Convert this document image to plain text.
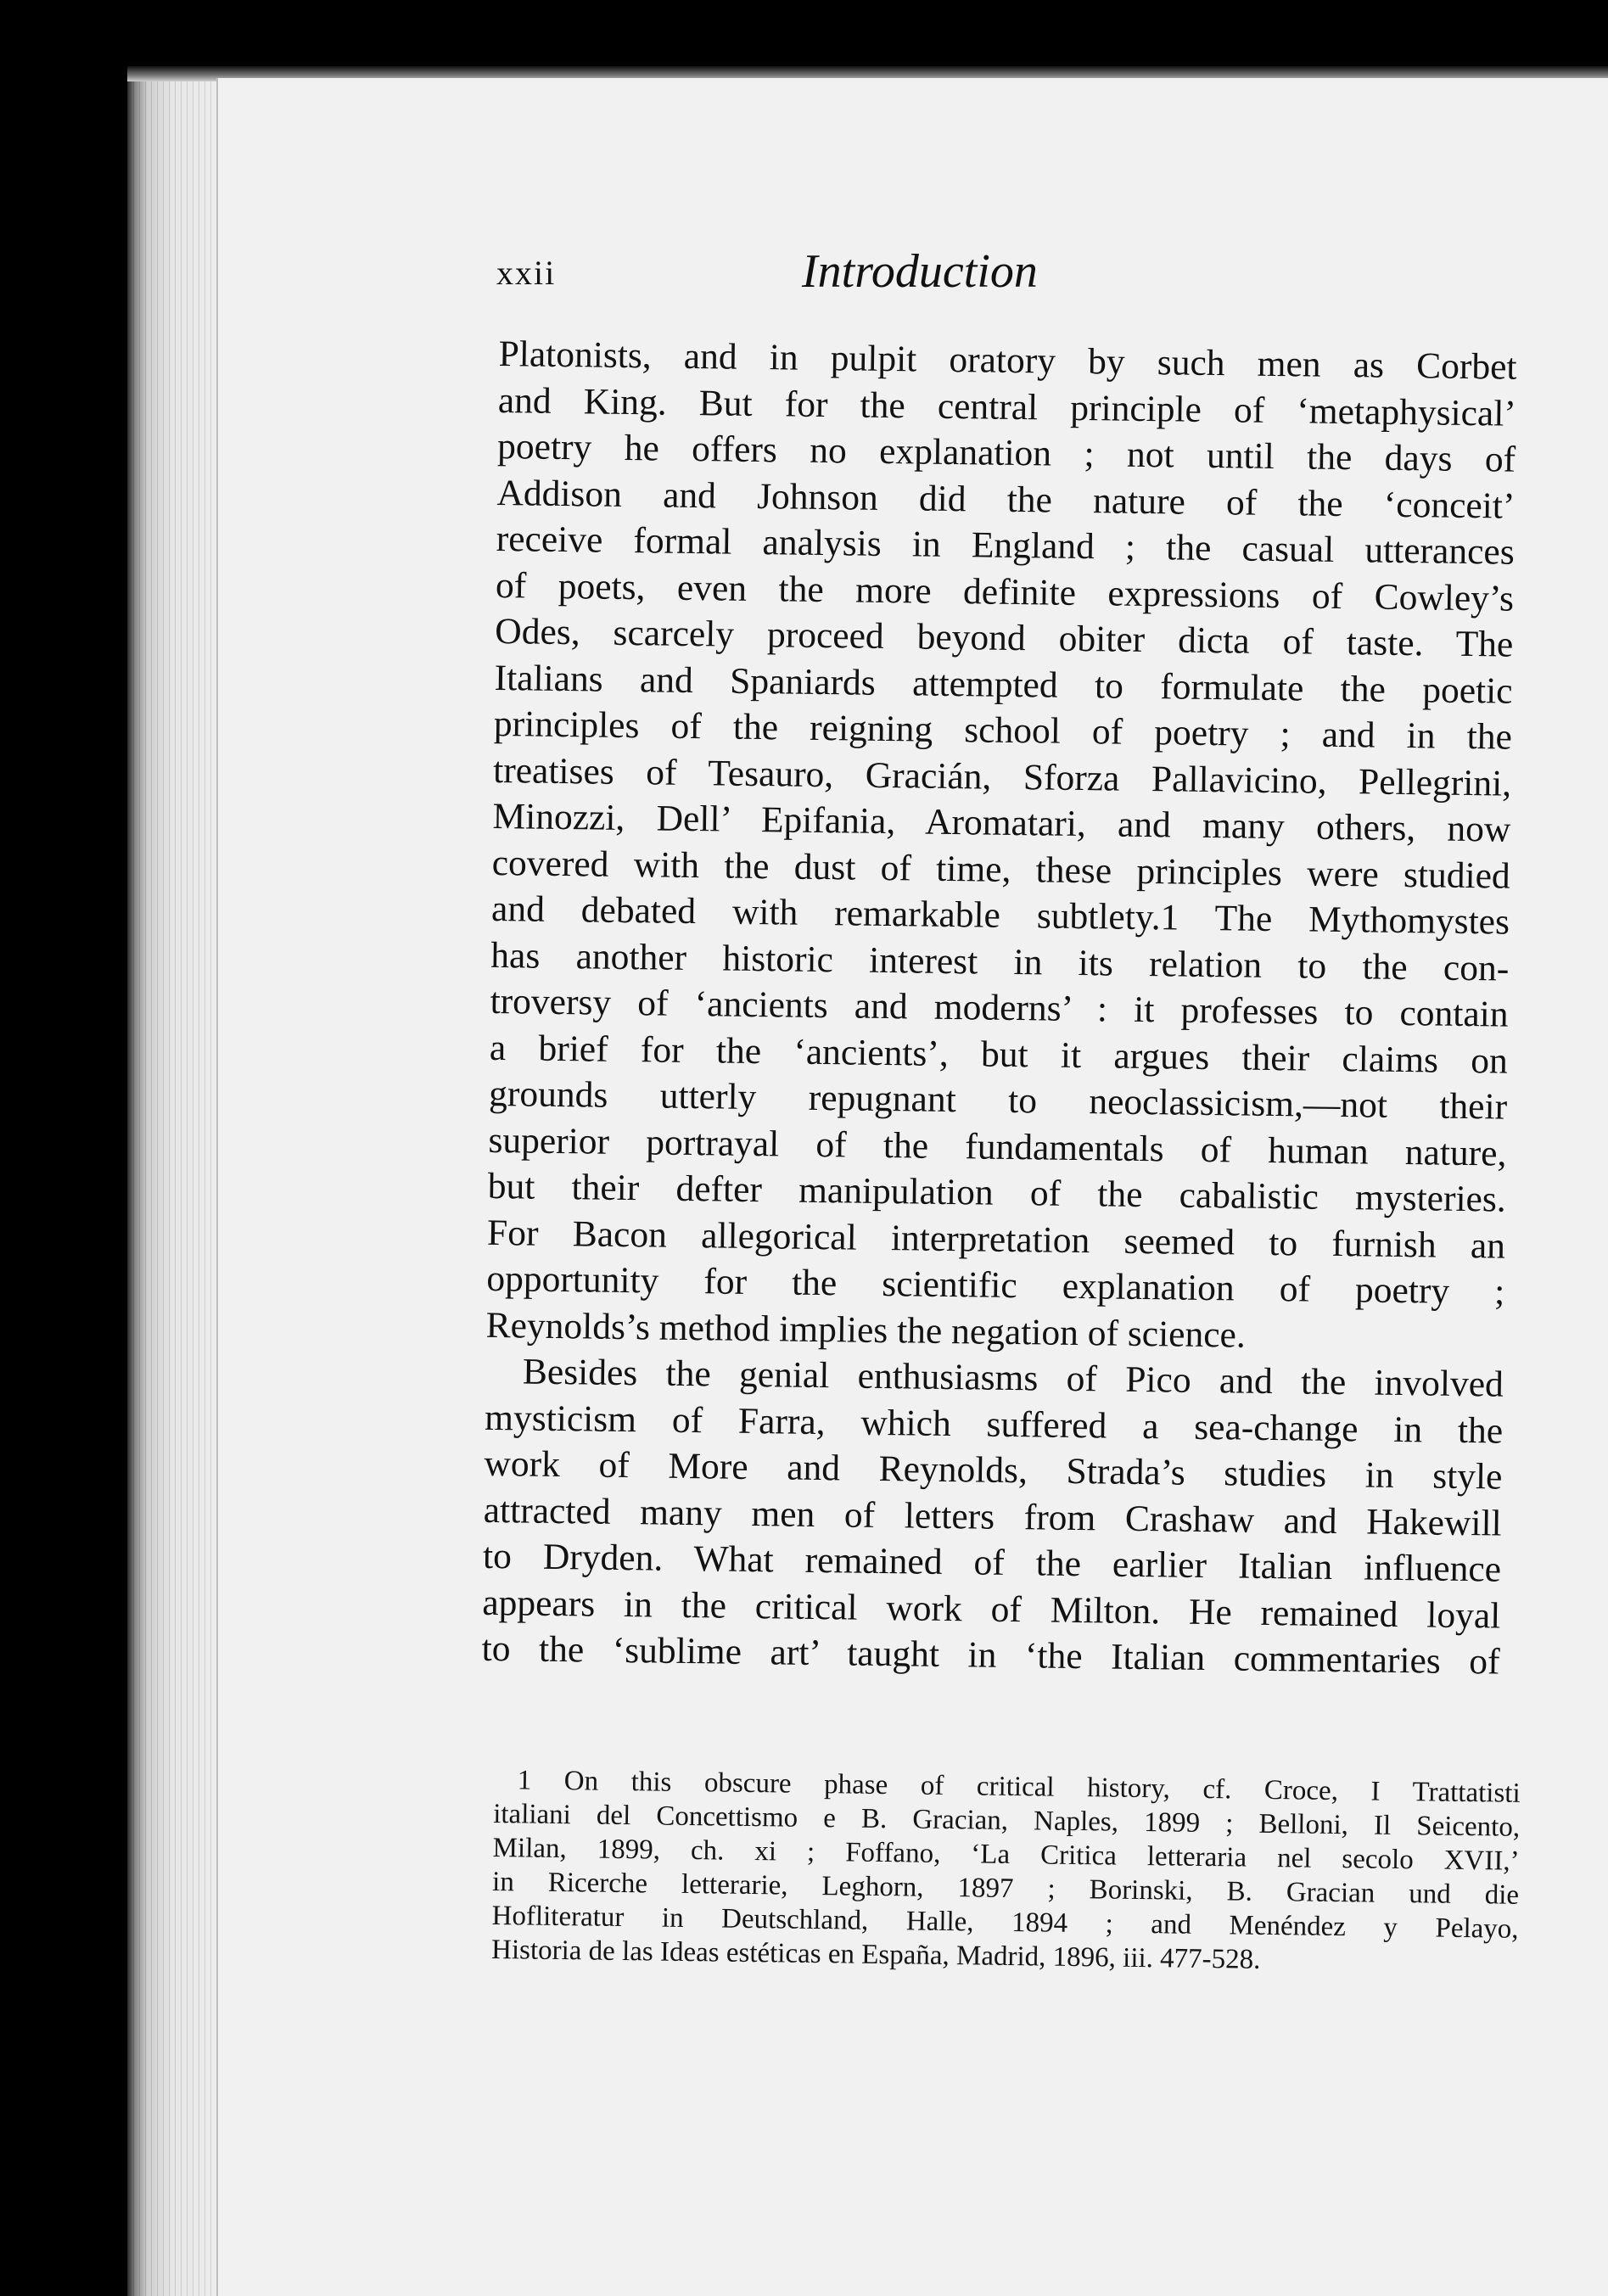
xxii	Introduction
Platonists, and in pulpit oratory by such men as Corbet
and King. But for the central principle of ‘metaphysical’
poetry he offers no explanation ; not until the days of
Addison and Johnson did the nature of the ‘conceit’
receive formal analysis in England ; the casual utterances
of poets, even the more definite expressions of Cowley’s
Odes, scarcely proceed beyond obiter dicta of taste. The
Italians and Spaniards attempted to formulate the poetic
principles of the reigning school of poetry ; and in the
treatises of Tesauro, Gracián, Sforza Pallavicino, Pellegrini,
Minozzi, Dell’ Epifania, Aromatari, and many others, now
covered with the dust of time, these principles were studied
and debated with remarkable subtlety.1 The Mythomystes
has another historic interest in its relation to the con-
troversy of ‘ancients and moderns’ : it professes to contain
a brief for the ‘ancients’, but it argues their claims on
grounds utterly repugnant to neoclassicism,—not their
superior portrayal of the fundamentals of human nature,
but their defter manipulation of the cabalistic mysteries.
For Bacon allegorical interpretation seemed to furnish an
opportunity for the scientific explanation of poetry ;
Reynolds’s method implies the negation of science.
Besides the genial enthusiasms of Pico and the involved
mysticism of Farra, which suffered a sea-change in the
work of More and Reynolds, Strada’s studies in style
attracted many men of letters from Crashaw and Hakewill
to Dryden. What remained of the earlier Italian influence
appears in the critical work of Milton. He remained loyal
to the ‘sublime art’ taught in ‘the Italian commentaries of
1 On this obscure phase of critical history, cf. Croce, I Trattatisti
italiani del Concettismo e B. Gracian, Naples, 1899 ; Belloni, Il Seicento,
Milan, 1899, ch. xi ; Foffano, ‘La Critica letteraria nel secolo XVII,’
in Ricerche letterarie, Leghorn, 1897 ; Borinski, B. Gracian und die
Hofliteratur in Deutschland, Halle, 1894 ; and Menéndez y Pelayo,
Historia de las Ideas estéticas en España, Madrid, 1896, iii. 477-528.
